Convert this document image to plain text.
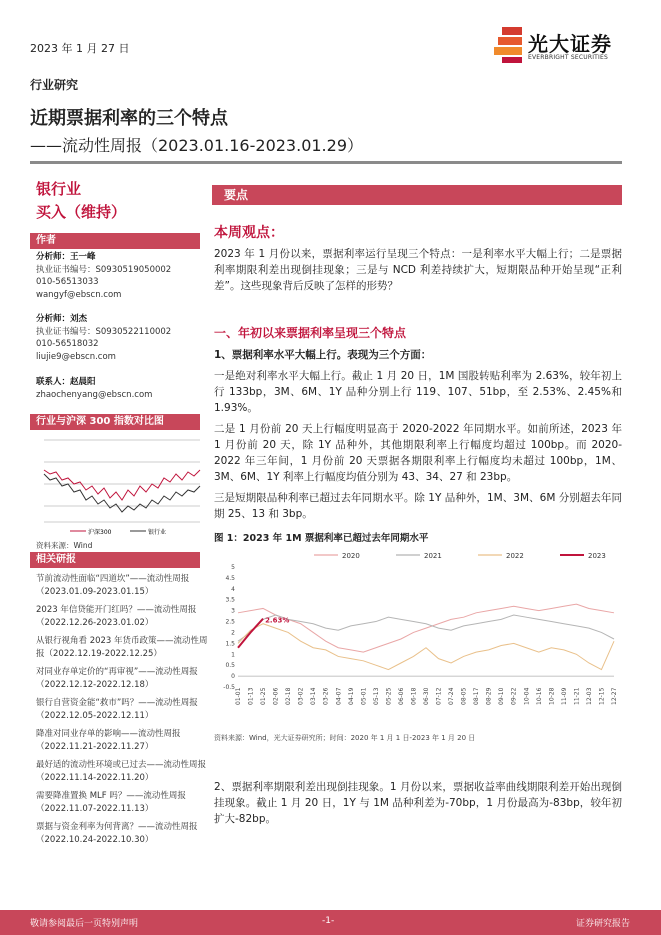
2023 年 1 月 27 日	光大证券
EVERBRIGHT SECURITIES
行业研究
近期票据利率的三个特点
——流动性周报（2023.01.16-2023.01.29）
银行业
买入（维持）
作者
分析师：王一峰
执业证书编号：S0930519050002
010-56513033
wangyf@ebscn.com
分析师：刘杰
执业证书编号：S0930522110002
010-56518032
liujie9@ebscn.com
联系人：赵晨阳
zhaochenyang@ebscn.com
行业与沪深 300 指数对比图
沪深300	银行业
资料来源：Wind
相关研报
节前流动性面临“四道坎”——流动性周报（2023.01.09-2023.01.15）
2023 年信贷能开门红吗？——流动性周报（2022.12.26-2023.01.02）
从银行视角看 2023 年货币政策——流动性周报（2022.12.19-2022.12.25）
对同业存单定价的“再审视”——流动性周报（2022.12.12-2022.12.18）
银行自营资金能“救市”吗？——流动性周报（2022.12.05-2022.12.11）
降准对同业存单的影响——流动性周报（2022.11.21-2022.11.27）
最好适的流动性环境或已过去——流动性周报（2022.11.14-2022.11.20）
需要降准置换 MLF 吗？——流动性周报（2022.11.07-2022.11.13）
票据与资金利率为何背离？——流动性周报（2022.10.24-2022.10.30）
要点
本周观点：
2023 年 1 月份以来，票据利率运行呈现三个特点：一是利率水平大幅上行；二是票据利率期限利差出现倒挂现象；三是与 NCD 利差持续扩大，短期限品种开始呈现“正利差”。这些现象背后反映了怎样的形势？
一、年初以来票据利率呈现三个特点
1、票据利率水平大幅上行。表现为三个方面：
一是绝对利率水平大幅上行。截止 1 月 20 日，1M 国股转贴利率为 2.63%，较年初上行 133bp，3M、6M、1Y 品种分别上行 119、107、51bp，至 2.53%、2.45%和 1.93%。
二是 1 月份前 20 天上行幅度明显高于 2020-2022 年同期水平。如前所述，2023 年 1 月份前 20 天，除 1Y 品种外，其他期限利率上行幅度均超过 100bp。而 2020-2022 年三年间，1 月份前 20 天票据各期限利率上行幅度均未超过 100bp，1M、3M、6M、1Y 利率上行幅度均值分别为 43、34、27 和 23bp。
三是短期限品种利率已超过去年同期水平。除 1Y 品种外，1M、3M、6M 分别超去年同期 25、13 和 3bp。
图 1：2023 年 1M 票据利率已超过去年同期水平
2020	2021	2022	2023
5
4.5
4
3.5
3
2.5
2
1.5
1
0.5
0
-0.5
01-01 01-13 01-25 02-06 02-18 03-02 03-14 03-26 04-07 04-19 05-01 05-13 05-25 06-06 06-18 06-30 07-12 07-24 08-05 08-17 08-29 09-10 09-22 10-04 10-16 10-28 11-09 11-21 12-03 12-15 12-27
2.63%
资料来源：Wind，光大证券研究所；时间：2020 年 1 月 1 日-2023 年 1 月 20 日
2、票据利率期限利差出现倒挂现象。1 月份以来，票据收益率曲线期限利差开始出现倒挂现象。截止 1 月 20 日，1Y 与 1M 品种利差为-70bp，1 月份最高为-83bp，较年初扩大-82bp。
敬请参阅最后一页特别声明	-1-	证券研究报告
